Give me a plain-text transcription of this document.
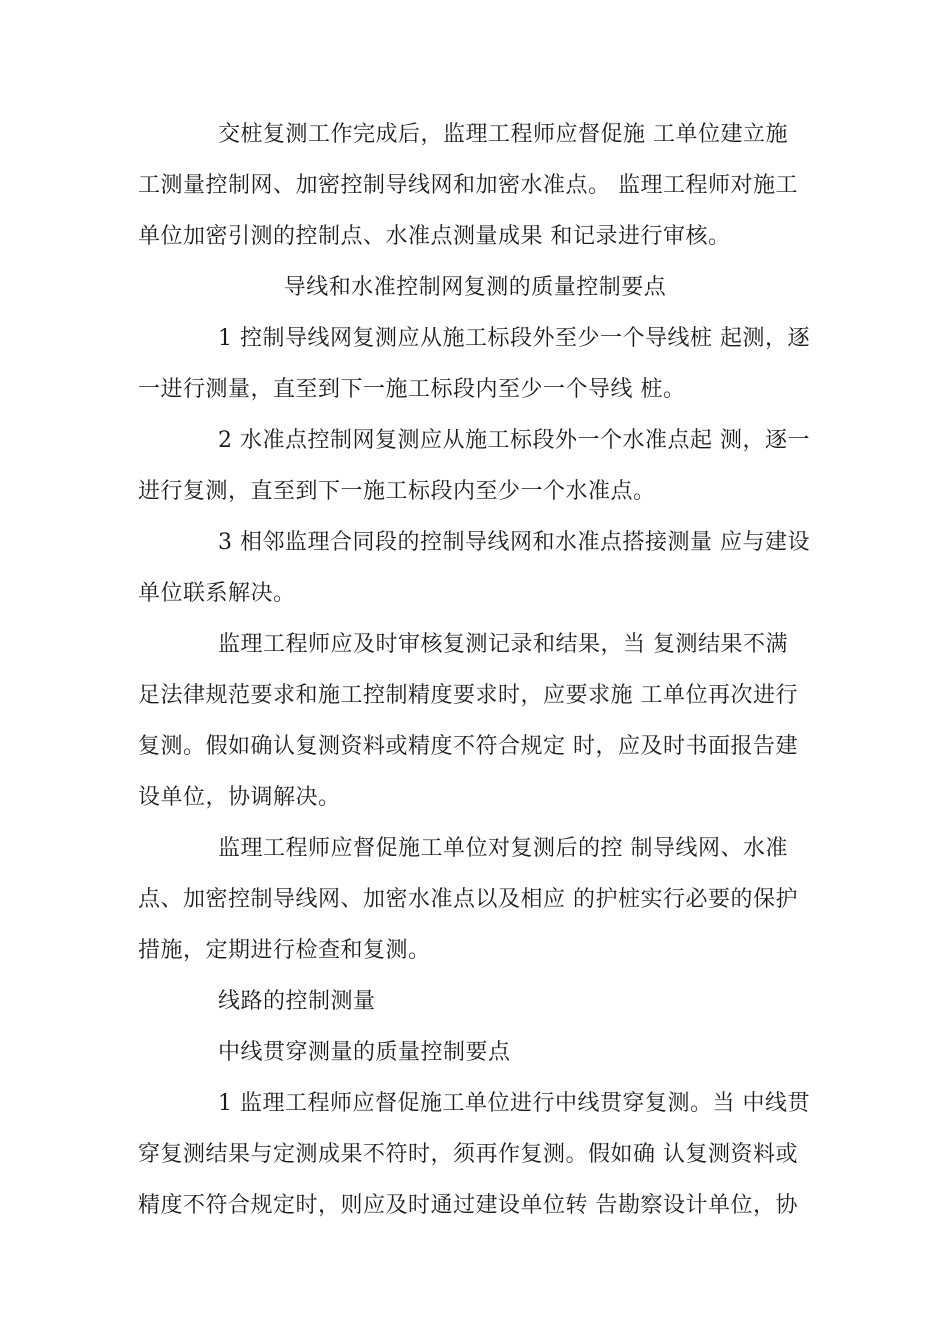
交桩复测工作完成后，监理工程师应督促施 工单位建立施
工测量控制网、加密控制导线网和加密水准点。 监理工程师对施工
单位加密引测的控制点、水准点测量成果 和记录进行审核。
导线和水准控制网复测的质量控制要点
1 控制导线网复测应从施工标段外至少一个导线桩 起测，逐
一进行测量，直至到下一施工标段内至少一个导线 桩。
2 水准点控制网复测应从施工标段外一个水准点起 测，逐一
进行复测，直至到下一施工标段内至少一个水准点。
3 相邻监理合同段的控制导线网和水准点搭接测量 应与建设
单位联系解决。
监理工程师应及时审核复测记录和结果，当 复测结果不满
足法律规范要求和施工控制精度要求时，应要求施 工单位再次进行
复测。假如确认复测资料或精度不符合规定 时，应及时书面报告建
设单位，协调解决。
监理工程师应督促施工单位对复测后的控 制导线网、水准
点、加密控制导线网、加密水准点以及相应 的护桩实行必要的保护
措施，定期进行检查和复测。
线路的控制测量
中线贯穿测量的质量控制要点
1 监理工程师应督促施工单位进行中线贯穿复测。当 中线贯
穿复测结果与定测成果不符时，须再作复测。假如确 认复测资料或
精度不符合规定时，则应及时通过建设单位转 告勘察设计单位，协
